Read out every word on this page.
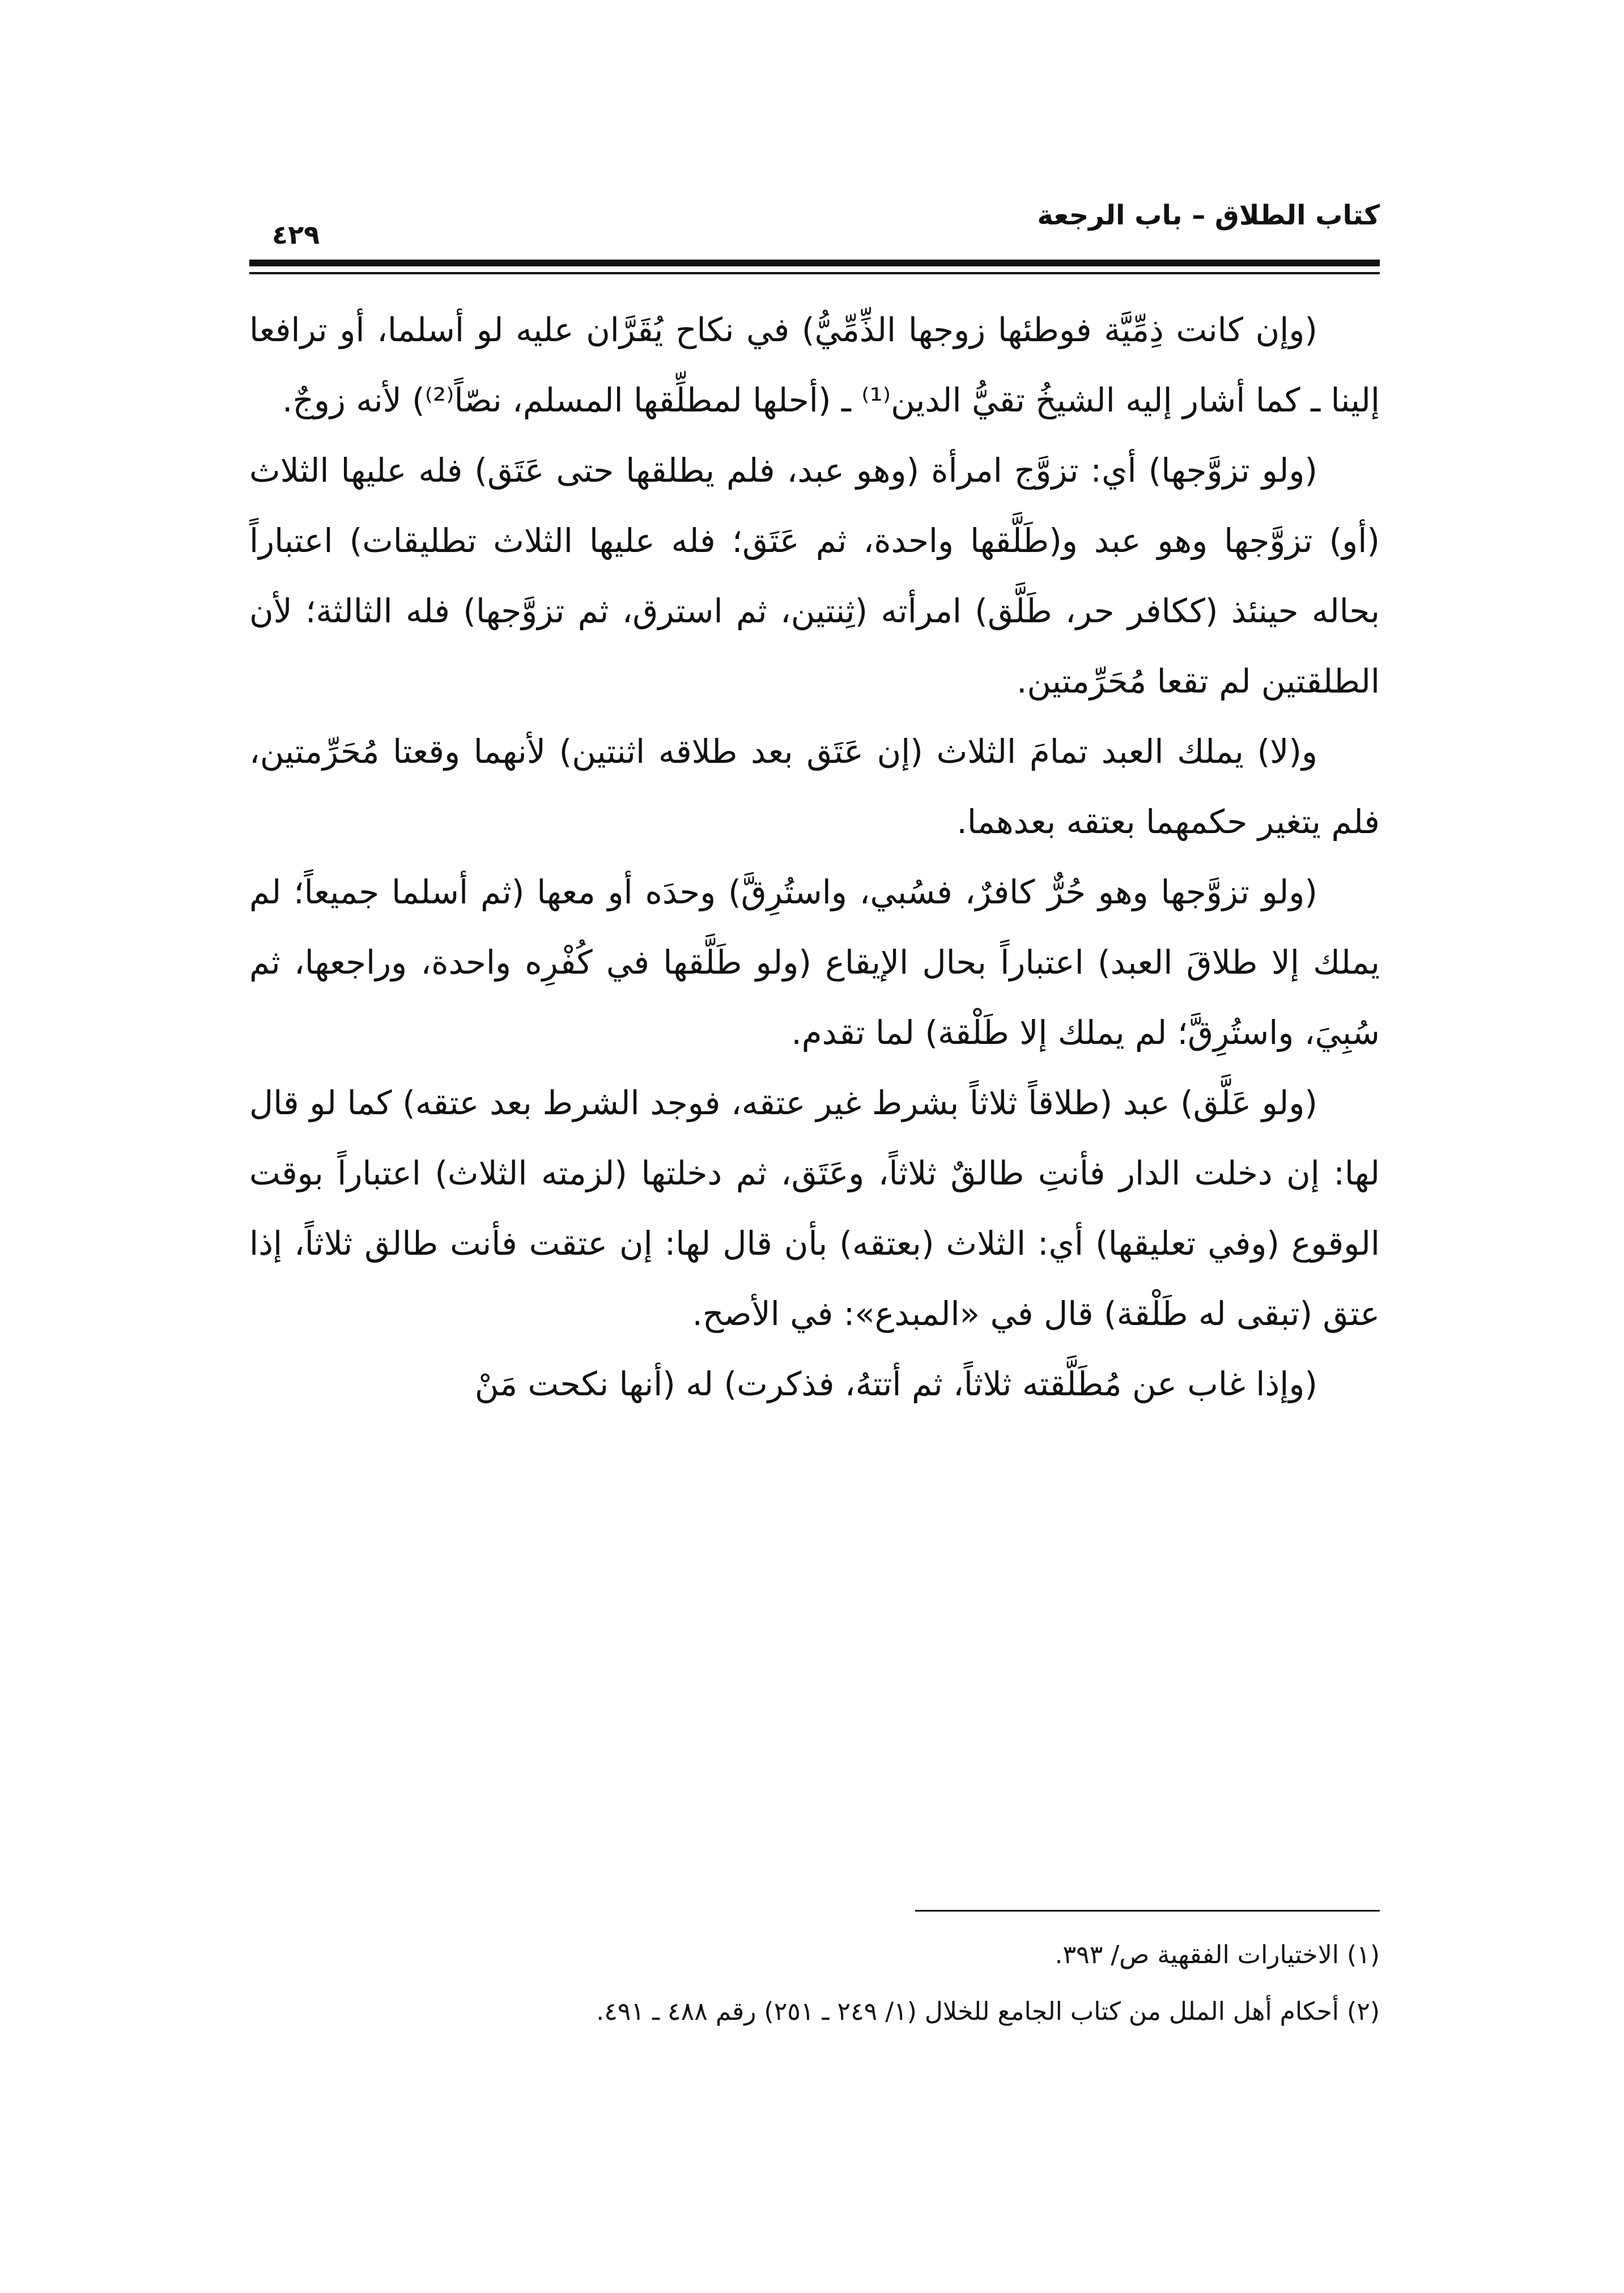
كتاب الطلاق – باب الرجعة
٤٢٩

(وإن كانت ذِمِّيَّة فوطئها زوجها الذِّمِّيُّ) في نكاح يُقَرَّان عليه لو أسلما، أو ترافعا إلينا ـ كما أشار إليه الشيخُ تقيُّ الدين⁽¹⁾ ـ (أحلها لمطلِّقها المسلم، نصّاً⁽²⁾) لأنه زوجٌ.

(ولو تزوَّجها) أي: تزوَّج امرأة (وهو عبد، فلم يطلقها حتى عَتَق) فله عليها الثلاث (أو) تزوَّجها وهو عبد و(طَلَّقها واحدة، ثم عَتَق؛ فله عليها الثلاث تطليقات) اعتباراً بحاله حينئذ (ككافر حر، طَلَّق) امرأته (ثِنتين، ثم استرق، ثم تزوَّجها) فله الثالثة؛ لأن الطلقتين لم تقعا مُحَرِّمتين.

و(لا) يملك العبد تمامَ الثلاث (إن عَتَق بعد طلاقه اثنتين) لأنهما وقعتا مُحَرِّمتين، فلم يتغير حكمهما بعتقه بعدهما.

(ولو تزوَّجها وهو حُرٌّ كافرٌ، فسُبي، واستُرِقَّ) وحدَه أو معها (ثم أسلما جميعاً؛ لم يملك إلا طلاقَ العبد) اعتباراً بحال الإيقاع (ولو طَلَّقها في كُفْرِه واحدة، وراجعها، ثم سُبِيَ، واستُرِقَّ؛ لم يملك إلا طَلْقة) لما تقدم.

(ولو عَلَّق) عبد (طلاقاً ثلاثاً بشرط غير عتقه، فوجد الشرط بعد عتقه) كما لو قال لها: إن دخلت الدار فأنتِ طالقٌ ثلاثاً، وعَتَق، ثم دخلتها (لزمته الثلاث) اعتباراً بوقت الوقوع (وفي تعليقها) أي: الثلاث (بعتقه) بأن قال لها: إن عتقت فأنت طالق ثلاثاً، إذا عتق (تبقى له طَلْقة) قال في «المبدع»: في الأصح.

(وإذا غاب عن مُطَلَّقته ثلاثاً، ثم أتتهُ، فذكرت) له (أنها نكحت مَنْ

(١) الاختيارات الفقهية ص/ ٣٩٣.

(٢) أحكام أهل الملل من كتاب الجامع للخلال (١/ ٢٤٩ ـ ٢٥١) رقم ٤٨٨ ـ ٤٩١.
